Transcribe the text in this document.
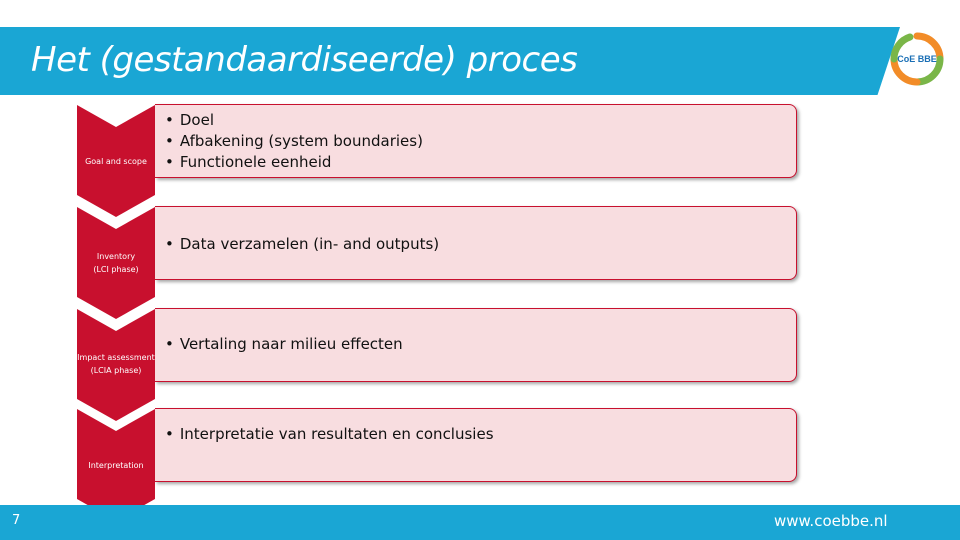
Het (gestandaardiseerde) proces	CoE BBE
Goal and scope
• Doel
• Afbakening (system boundaries)
• Functionele eenheid
Inventory
(LCI phase)
• Data verzamelen (in- and outputs)
Impact assessment
(LCIA phase)
• Vertaling naar milieu effecten
Interpretation
• Interpretatie van resultaten en conclusies
7	www.coebbe.nl
